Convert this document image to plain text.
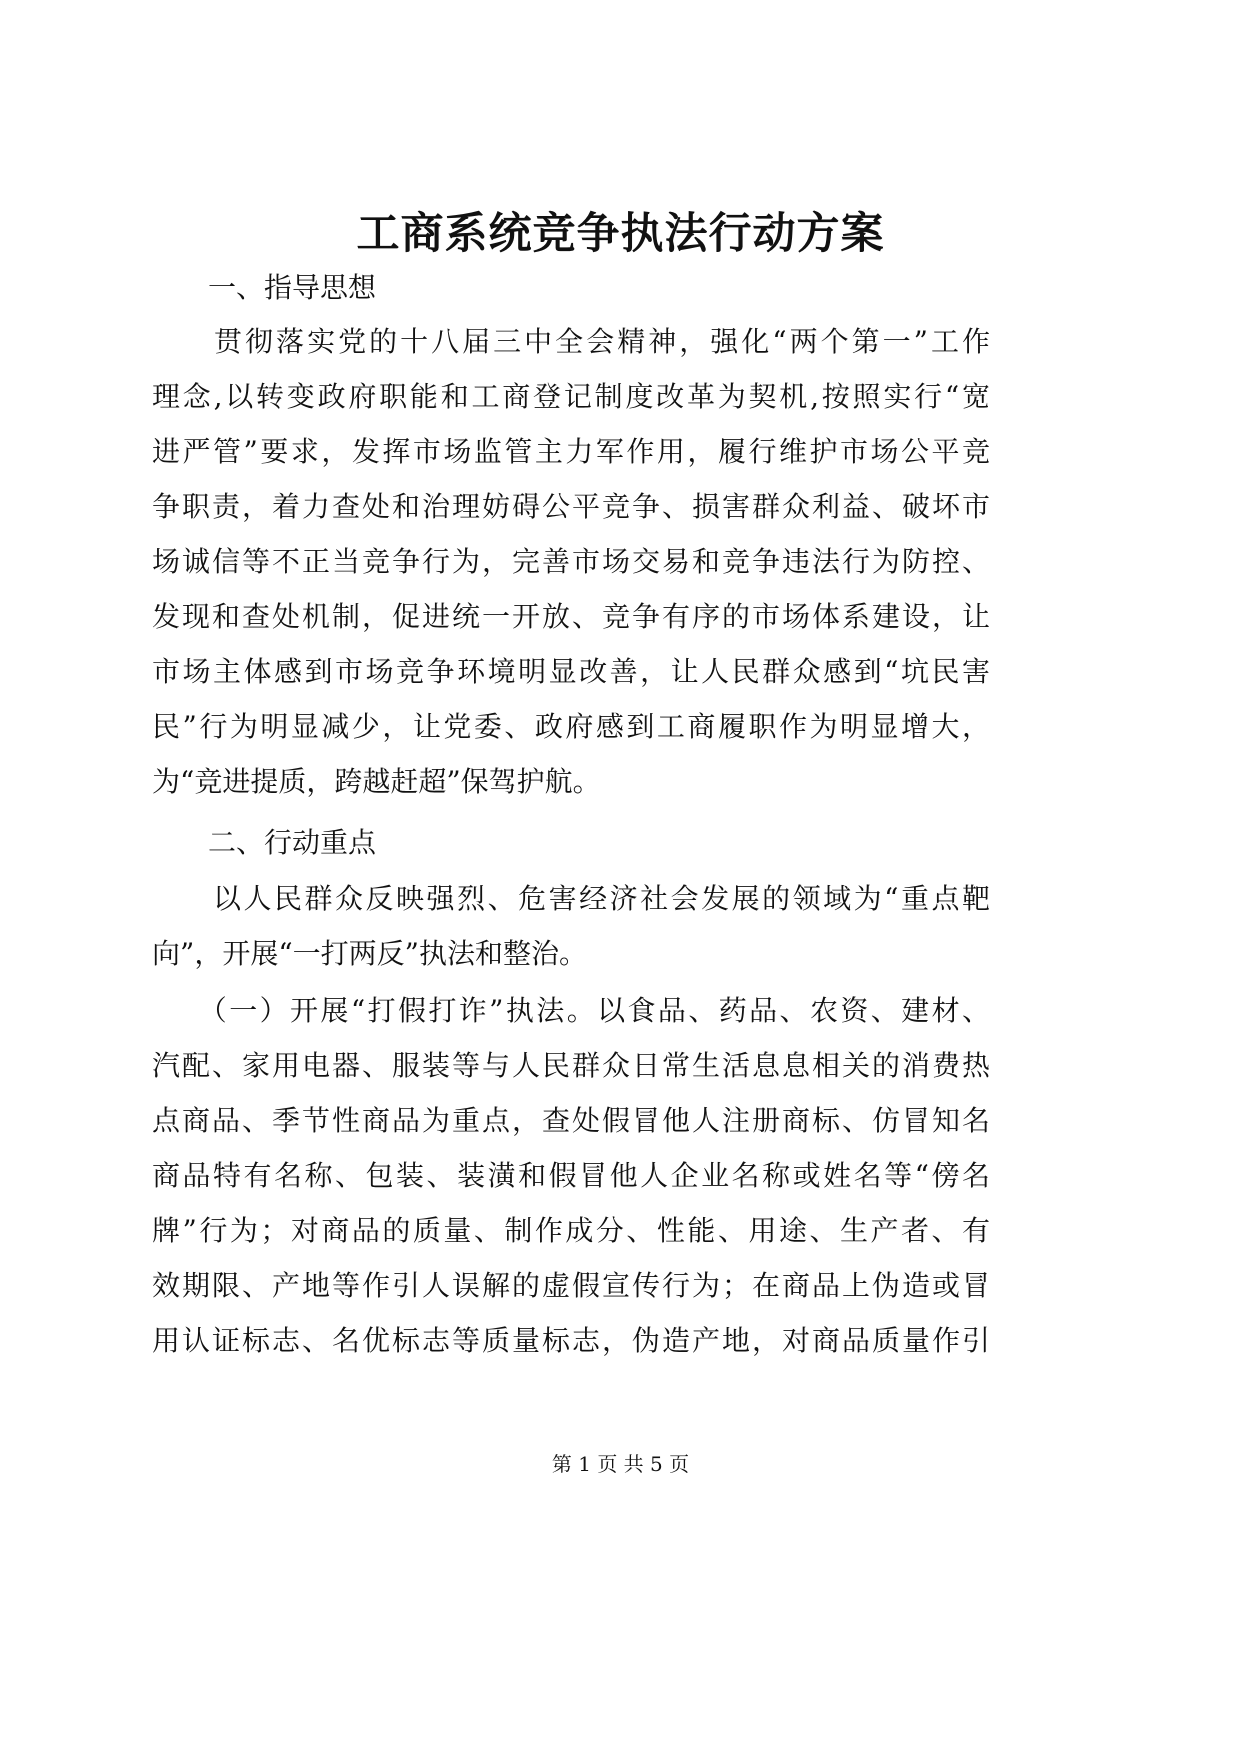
工商系统竞争执法行动方案
　　一、指导思想
　　贯彻落实党的十八届三中全会精神，强化“两个第一”工作
理念,以转变政府职能和工商登记制度改革为契机,按照实行“宽
进严管”要求，发挥市场监管主力军作用，履行维护市场公平竞
争职责，着力查处和治理妨碍公平竞争、损害群众利益、破坏市
场诚信等不正当竞争行为，完善市场交易和竞争违法行为防控、
发现和查处机制，促进统一开放、竞争有序的市场体系建设，让
市场主体感到市场竞争环境明显改善，让人民群众感到“坑民害
民”行为明显减少，让党委、政府感到工商履职作为明显增大，
为“竞进提质，跨越赶超”保驾护航。
　　二、行动重点
　　以人民群众反映强烈、危害经济社会发展的领域为“重点靶
向”，开展“一打两反”执法和整治。
　　（一）开展“打假打诈”执法。以食品、药品、农资、建材、
汽配、家用电器、服装等与人民群众日常生活息息相关的消费热
点商品、季节性商品为重点，查处假冒他人注册商标、仿冒知名
商品特有名称、包装、装潢和假冒他人企业名称或姓名等“傍名
牌”行为；对商品的质量、制作成分、性能、用途、生产者、有
效期限、产地等作引人误解的虚假宣传行为；在商品上伪造或冒
用认证标志、名优标志等质量标志，伪造产地，对商品质量作引
第 1 页 共 5 页
